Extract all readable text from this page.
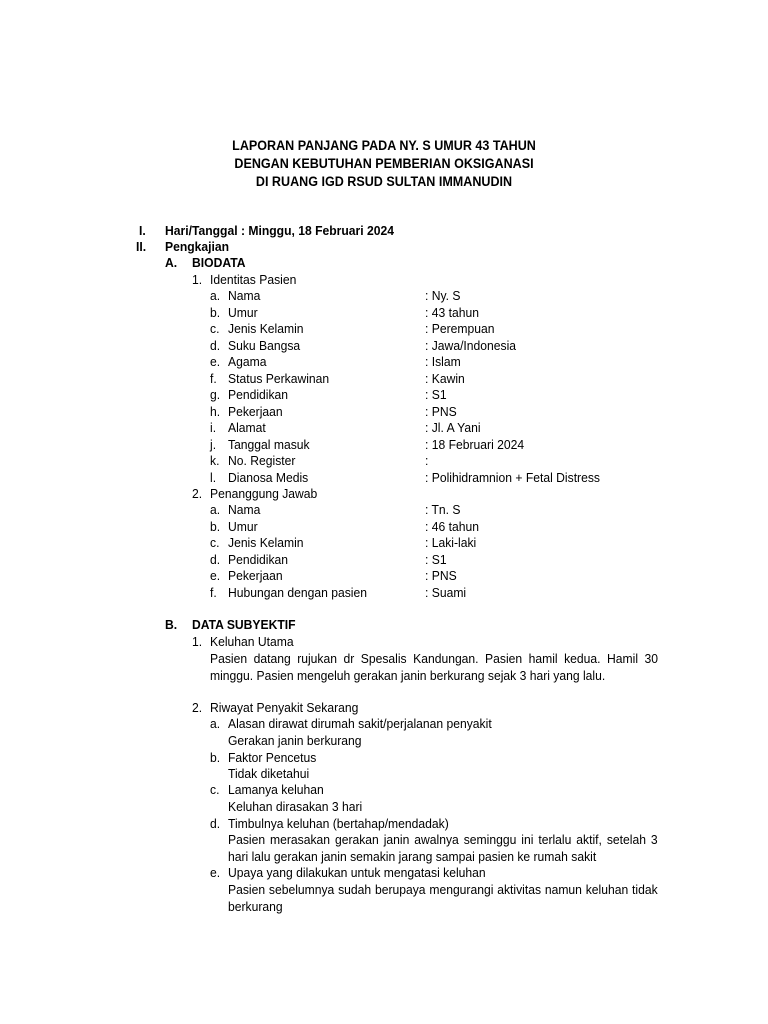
LAPORAN PANJANG PADA NY. S UMUR 43 TAHUN
DENGAN KEBUTUHAN PEMBERIAN OKSIGANASI
DI RUANG IGD RSUD SULTAN IMMANUDIN
I. Hari/Tanggal : Minggu, 18 Februari 2024
II. Pengkajian
A. BIODATA
1. Identitas Pasien
a. Nama	: Ny. S
b. Umur	: 43 tahun
c. Jenis Kelamin	: Perempuan
d. Suku Bangsa	: Jawa/Indonesia
e. Agama	: Islam
f. Status Perkawinan	: Kawin
g. Pendidikan	: S1
h. Pekerjaan	: PNS
i. Alamat	: Jl. A Yani
j. Tanggal masuk	: 18 Februari 2024
k. No. Register	:
l. Dianosa Medis	: Polihidramnion + Fetal Distress
2. Penanggung Jawab
a. Nama	: Tn. S
b. Umur	: 46 tahun
c. Jenis Kelamin	: Laki-laki
d. Pendidikan	: S1
e. Pekerjaan	: PNS
f. Hubungan dengan pasien	: Suami
B. DATA SUBYEKTIF
1. Keluhan Utama
Pasien datang rujukan dr Spesalis Kandungan. Pasien hamil kedua. Hamil 30 minggu. Pasien mengeluh gerakan janin berkurang sejak 3 hari yang lalu.
2. Riwayat Penyakit Sekarang
a. Alasan dirawat dirumah sakit/perjalanan penyakit
Gerakan janin berkurang
b. Faktor Pencetus
Tidak diketahui
c. Lamanya keluhan
Keluhan dirasakan 3 hari
d. Timbulnya keluhan (bertahap/mendadak)
Pasien merasakan gerakan janin awalnya seminggu ini terlalu aktif, setelah 3 hari lalu gerakan janin semakin jarang sampai pasien ke rumah sakit
e. Upaya yang dilakukan untuk mengatasi keluhan
Pasien sebelumnya sudah berupaya mengurangi aktivitas namun keluhan tidak berkurang
